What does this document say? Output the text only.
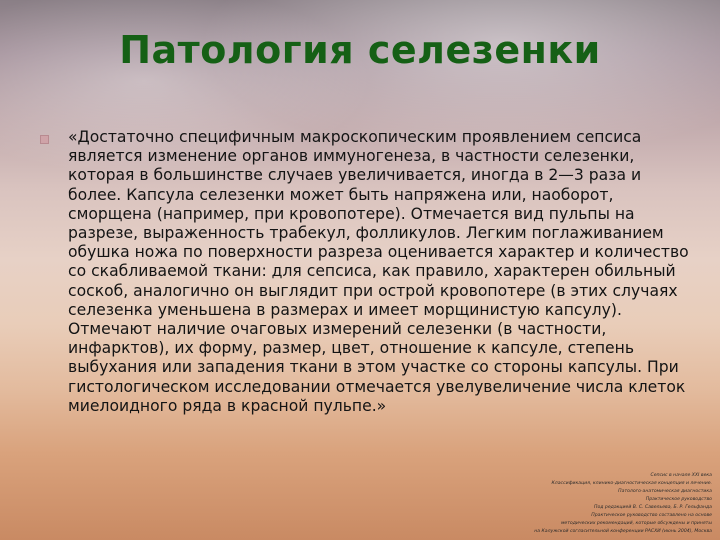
Патология селезенки

«Достаточно специфичным макроскопическим проявлением сепсиса является изменение органов иммуногенеза, в частности селезенки, которая в большинстве случаев увеличивается, иногда в 2—3 раза и более. Капсула селезенки может быть напряжена или, наоборот, сморщена (например, при кровопотере). Отмечается вид пульпы на разрезе, выраженность трабекул, фолликулов. Легким поглаживанием обушка ножа по поверхности разреза оценивается характер и количество со скабливаемой ткани: для сепсиса, как правило, характерен обильный соскоб, аналогично он выглядит при острой кровопотере (в этих случаях селезенка уменьшена в размерах и имеет морщинистую капсулу). Отмечают наличие очаговых измерений селезенки (в частности, инфарктов), их форму, размер, цвет, отношение к капсуле, степень выбухания или западения ткани в этом участке со стороны капсулы. При гистологическом исследовании отмечается увелувеличение числа клеток миелоидного ряда в красной пульпе.»

Сепсис в начале XXI века
Классификация, клинико-диагностическая концепция и лечение.
Патолого-анатомическая диагностика
Практическое руководство
Под редакцией В. С. Савельева, Б. Р. Гельфанда
Практическое руководство составлено на основе
методических рекомендаций, которые обсуждены и приняты
на Калужской согласительной конференции РАСХИ (июнь 2004), Москва
